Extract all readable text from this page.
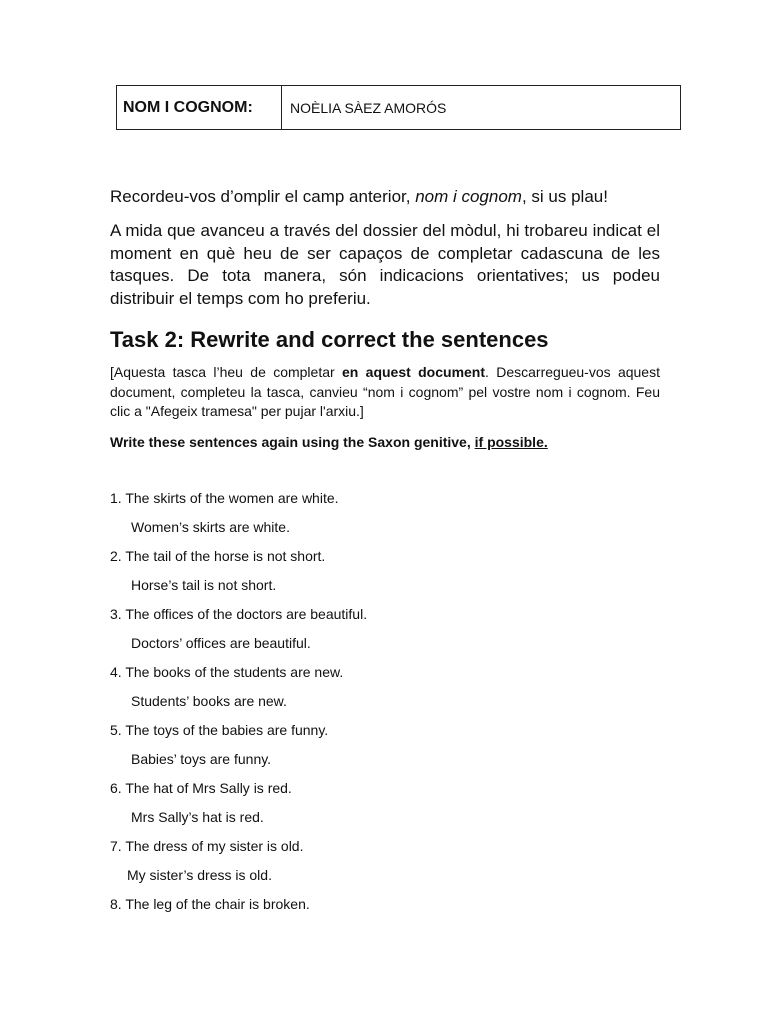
NOM I COGNOM:	NOÈLIA SÀEZ AMORÓS

Recordeu-vos d’omplir el camp anterior, nom i cognom, si us plau!

A mida que avanceu a través del dossier del mòdul, hi trobareu indicat el moment en què heu de ser capaços de completar cadascuna de les tasques. De tota manera, són indicacions orientatives; us podeu distribuir el temps com ho preferiu.

Task 2: Rewrite and correct the sentences

[Aquesta tasca l’heu de completar en aquest document. Descarregueu-vos aquest document, completeu la tasca, canvieu “nom i cognom” pel vostre nom i cognom. Feu clic a "Afegeix tramesa" per pujar l'arxiu.]

Write these sentences again using the Saxon genitive, if possible.

1. The skirts of the women are white.
Women’s skirts are white.
2. The tail of the horse is not short.
Horse’s tail is not short.
3. The offices of the doctors are beautiful.
Doctors’ offices are beautiful.
4. The books of the students are new.
Students’ books are new.
5. The toys of the babies are funny.
Babies’ toys are funny.
6. The hat of Mrs Sally is red.
Mrs Sally’s hat is red.
7. The dress of my sister is old.
My sister’s dress is old.
8. The leg of the chair is broken.
